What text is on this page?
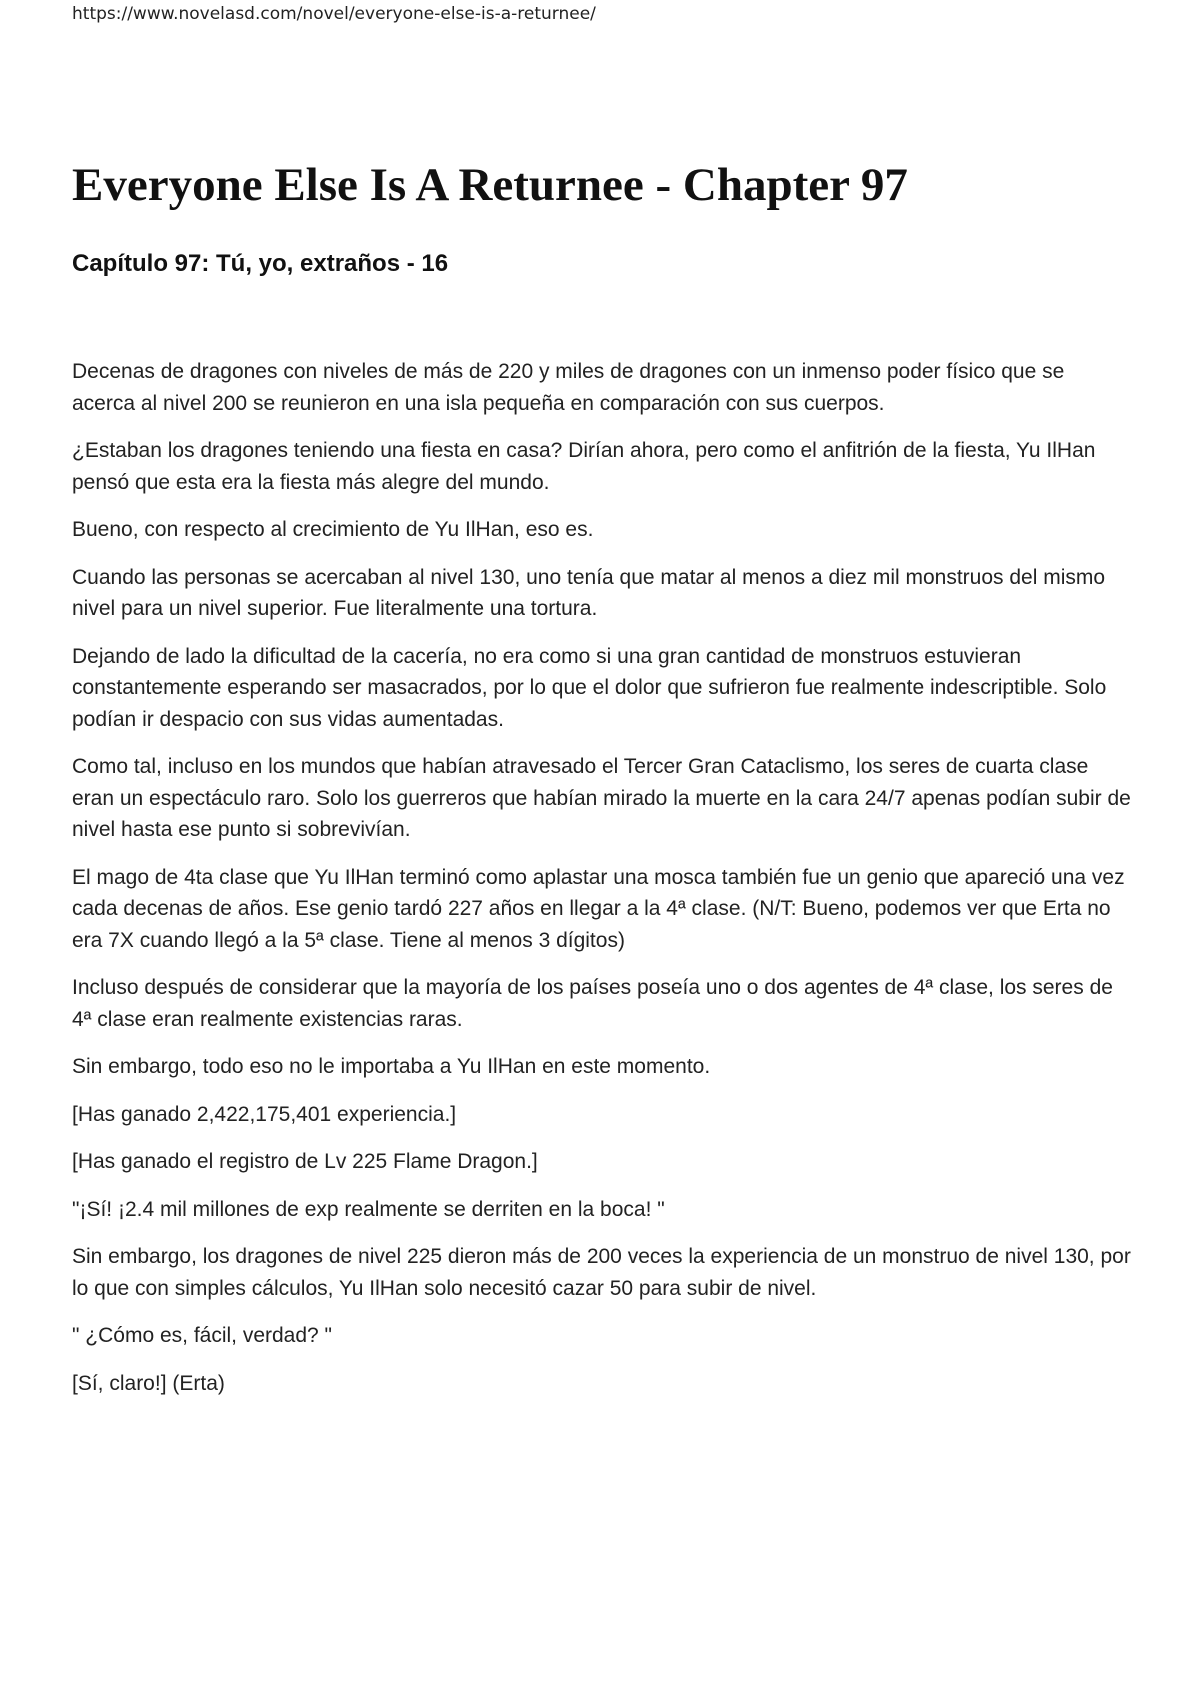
https://www.novelasd.com/novel/everyone-else-is-a-returnee/
Everyone Else Is A Returnee - Chapter 97
Capítulo 97: Tú, yo, extraños - 16

Decenas de dragones con niveles de más de 220 y miles de dragones con un inmenso poder físico que se acerca al nivel 200 se reunieron en una isla pequeña en comparación con sus cuerpos.

¿Estaban los dragones teniendo una fiesta en casa? Dirían ahora, pero como el anfitrión de la fiesta, Yu IlHan pensó que esta era la fiesta más alegre del mundo.

Bueno, con respecto al crecimiento de Yu IlHan, eso es.

Cuando las personas se acercaban al nivel 130, uno tenía que matar al menos a diez mil monstruos del mismo nivel para un nivel superior. Fue literalmente una tortura.

Dejando de lado la dificultad de la cacería, no era como si una gran cantidad de monstruos estuvieran constantemente esperando ser masacrados, por lo que el dolor que sufrieron fue realmente indescriptible. Solo podían ir despacio con sus vidas aumentadas.

Como tal, incluso en los mundos que habían atravesado el Tercer Gran Cataclismo, los seres de cuarta clase eran un espectáculo raro. Solo los guerreros que habían mirado la muerte en la cara 24/7 apenas podían subir de nivel hasta ese punto si sobrevivían.

El mago de 4ta clase que Yu IlHan terminó como aplastar una mosca también fue un genio que apareció una vez cada decenas de años. Ese genio tardó 227 años en llegar a la 4ª clase. (N/T: Bueno, podemos ver que Erta no era 7X cuando llegó a la 5ª clase. Tiene al menos 3 dígitos)

Incluso después de considerar que la mayoría de los países poseía uno o dos agentes de 4ª clase, los seres de 4ª clase eran realmente existencias raras.

Sin embargo, todo eso no le importaba a Yu IlHan en este momento.

[Has ganado 2,422,175,401 experiencia.]

[Has ganado el registro de Lv 225 Flame Dragon.]

"¡Sí! ¡2.4 mil millones de exp realmente se derriten en la boca! "

Sin embargo, los dragones de nivel 225 dieron más de 200 veces la experiencia de un monstruo de nivel 130, por lo que con simples cálculos, Yu IlHan solo necesitó cazar 50 para subir de nivel.

" ¿Cómo es, fácil, verdad? "

[Sí, claro!] (Erta)
